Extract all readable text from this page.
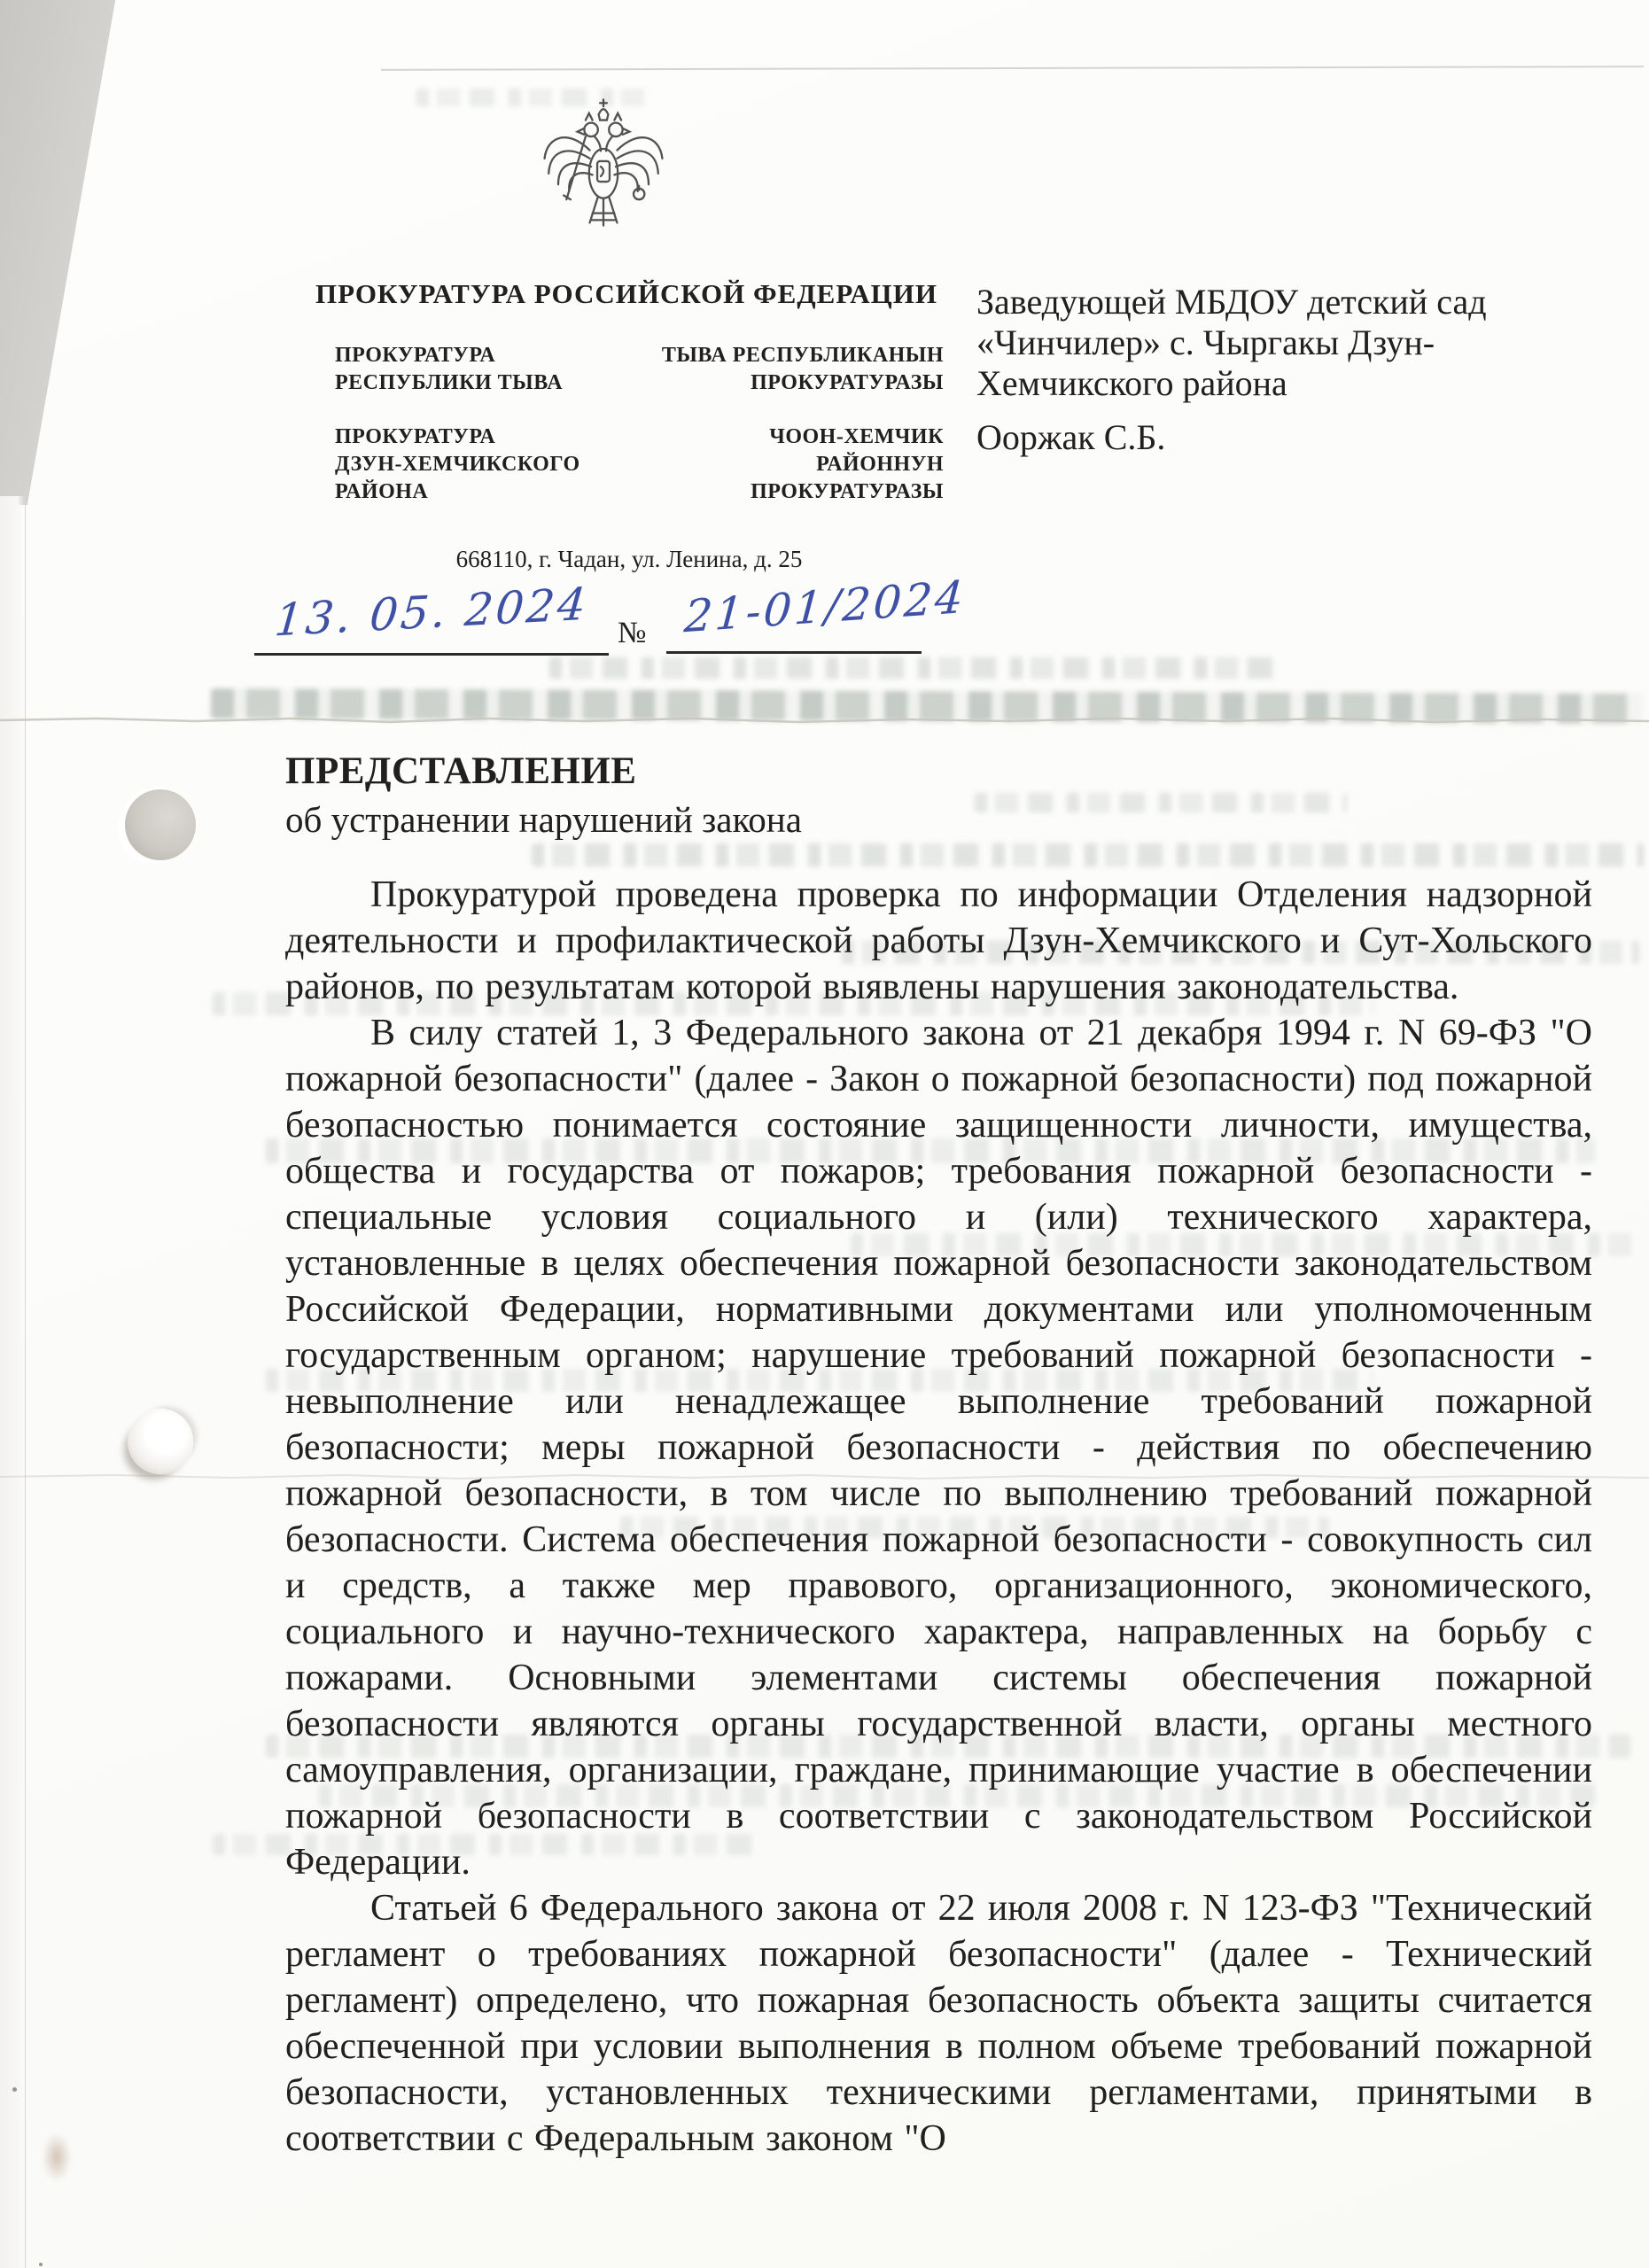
ПРОКУРАТУРА РОССИЙСКОЙ ФЕДЕРАЦИИ
ПРОКУРАТУРА
РЕСПУБЛИКИ ТЫВА
ТЫВА РЕСПУБЛИКАНЫН
ПРОКУРАТУРАЗЫ
ПРОКУРАТУРА
ДЗУН-ХЕМЧИКСКОГО
РАЙОНА
ЧООН-ХЕМЧИК
РАЙОННУН
ПРОКУРАТУРАЗЫ
668110, г. Чадан, ул. Ленина, д. 25
Заведующей МБДОУ детский сад
«Чинчилер» с. Чыргакы Дзун-
Хемчикского района
Ооржак С.Б.
13. 05. 2024 № 21-01/2024
ПРЕДСТАВЛЕНИЕ
об устранении нарушений закона

Прокуратурой проведена проверка по информации Отделения надзорной деятельности и профилактической работы Дзун-Хемчикского и Сут-Хольского районов, по результатам которой выявлены нарушения законодательства.

В силу статей 1, 3 Федерального закона от 21 декабря 1994 г. N 69-ФЗ "О пожарной безопасности" (далее - Закон о пожарной безопасности) под пожарной безопасностью понимается состояние защищенности личности, имущества, общества и государства от пожаров; требования пожарной безопасности - специальные условия социального и (или) технического характера, установленные в целях обеспечения пожарной безопасности законодательством Российской Федерации, нормативными документами или уполномоченным государственным органом; нарушение требований пожарной безопасности - невыполнение или ненадлежащее выполнение требований пожарной безопасности; меры пожарной безопасности - действия по обеспечению пожарной безопасности, в том числе по выполнению требований пожарной безопасности. Система обеспечения пожарной безопасности - совокупность сил и средств, а также мер правового, организационного, экономического, социального и научно-технического характера, направленных на борьбу с пожарами. Основными элементами системы обеспечения пожарной безопасности являются органы государственной власти, органы местного самоуправления, организации, граждане, принимающие участие в обеспечении пожарной безопасности в соответствии с законодательством Российской Федерации.

Статьей 6 Федерального закона от 22 июля 2008 г. N 123-ФЗ "Технический регламент о требованиях пожарной безопасности" (далее - Технический регламент) определено, что пожарная безопасность объекта защиты считается обеспеченной при условии выполнения в полном объеме требований пожарной безопасности, установленных техническими регламентами, принятыми в соответствии с Федеральным законом "О
